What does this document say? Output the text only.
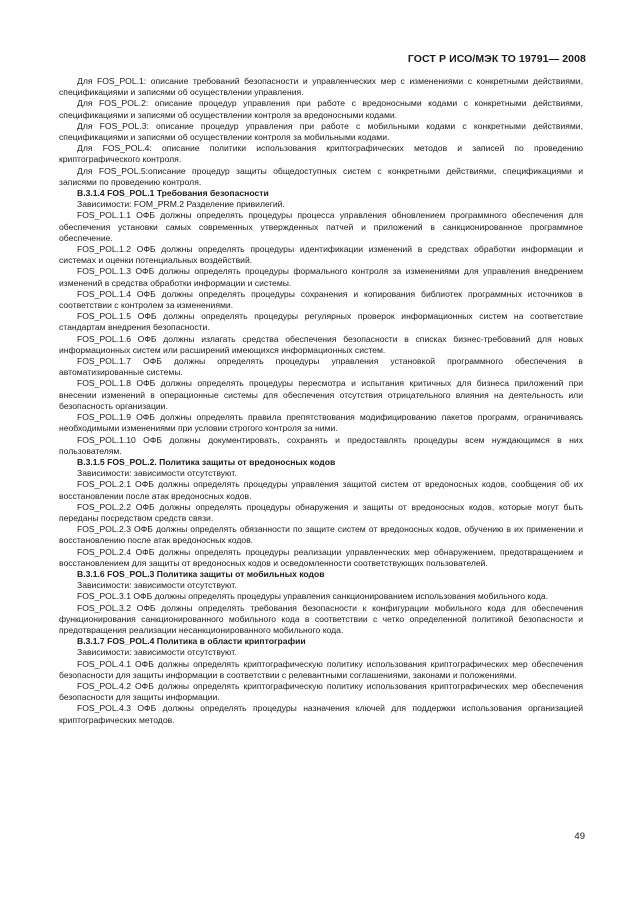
ГОСТ Р ИСО/МЭК ТО 19791— 2008

Для FOS_POL.1: описание требований безопасности и управленческих мер с изменениями с конкретными действиями, спецификациями и записями об осуществлении управления.

Для FOS_POL.2: описание процедур управления при работе с вредоносными кодами с конкретными действиями, спецификациями и записями об осуществлении контроля за вредоносными кодами.

Для FOS_POL.3: описание процедур управления при работе с мобильными кодами с конкретными действиями, спецификациями и записями об осуществлении контроля за мобильными кодами.

Для FOS_POL.4: описание политики использования криптографических методов и записей по проведению криптографического контроля.

Для FOS_POL.5:описание процедур защиты общедоступных систем с конкретными действиями, спецификациями и записями по проведению контроля.

В.3.1.4 FOS_POL.1 Требования безопасности

Зависимости: FOM_PRM.2 Разделение привилегий.

FOS_POL.1.1 ОФБ должны определять процедуры процесса управления обновлением программного обеспечения для обеспечения установки самых современных утвержденных патчей и приложений в санкционированное программное обеспечение.

FOS_POL.1.2 ОФБ должны определять процедуры идентификации изменений в средствах обработки информации и системах и оценки потенциальных воздействий.

FOS_POL.1.3 ОФБ должны определять процедуры формального контроля за изменениями для управления внедрением изменений в средства обработки информации и системы.

FOS_POL.1.4 ОФБ должны определять процедуры сохранения и копирования библиотек программных источников в соответствии с контролем за изменениями.

FOS_POL.1.5 ОФБ должны определять процедуры регулярных проверок информационных систем на соответствие стандартам внедрения безопасности.

FOS_POL.1.6 ОФБ должны излагать средства обеспечения безопасности в списках бизнес-требований для новых информационных систем или расширений имеющихся информационных систем.

FOS_POL.1.7 ОФБ должны определять процедуры управления установкой программного обеспечения в автоматизированные системы.

FOS_POL.1.8 ОФБ должны определять процедуры пересмотра и испытания критичных для бизнеса приложений при внесении изменений в операционные системы для обеспечения отсутствия отрицательного влияния на деятельность или безопасность организации.

FOS_POL.1.9 ОФБ должны определять правила препятствования модифицированию пакетов программ, ограничиваясь необходимыми изменениями при условии строгого контроля за ними.

FOS_POL.1.10 ОФБ должны документировать, сохранять и предоставлять процедуры всем нуждающимся в них пользователям.

В.3.1.5 FOS_POL.2. Политика защиты от вредоносных кодов

Зависимости: зависимости отсутствуют.

FOS_POL.2.1 ОФБ должны определять процедуры управления защитой систем от вредоносных кодов, сообщения об их восстановлении после атак вредоносных кодов.

FOS_POL.2.2 ОФБ должны определять процедуры обнаружения и защиты от вредоносных кодов, которые могут быть переданы посредством средств связи.

FOS_POL.2.3 ОФБ должны определять обязанности по защите систем от вредоносных кодов, обучению в их применении и восстановлению после атак вредоносных кодов.

FOS_POL.2.4 ОФБ должны определять процедуры реализации управленческих мер обнаружением, предотвращением и восстановлением для защиты от вредоносных кодов и осведомленности соответствующих пользователей.

В.3.1.6 FOS_POL.3 Политика защиты от мобильных кодов

Зависимости: зависимости отсутствуют.

FOS_POL.3.1 ОФБ должны определять процедуры управления санкционированием использования мобильного кода.

FOS_POL.3.2 ОФБ должны определять требования безопасности к конфигурации мобильного кода для обеспечения функционирования санкционированного мобильного кода в соответствии с четко определенной политикой безопасности и предотвращения реализации несанкционированного мобильного кода.

В.3.1.7 FOS_POL.4 Политика в области криптографии

Зависимости: зависимости отсутствуют.

FOS_POL.4.1 ОФБ должны определять криптографическую политику использования криптографических мер обеспечения безопасности для защиты информации в соответствии с релевантными соглашениями, законами и положениями.

FOS_POL.4.2 ОФБ должны определять криптографическую политику использования криптографических мер обеспечения безопасности для защиты информации.

FOS_POL.4.3 ОФБ должны определять процедуры назначения ключей для поддержки использования организацией криптографических методов.

49
